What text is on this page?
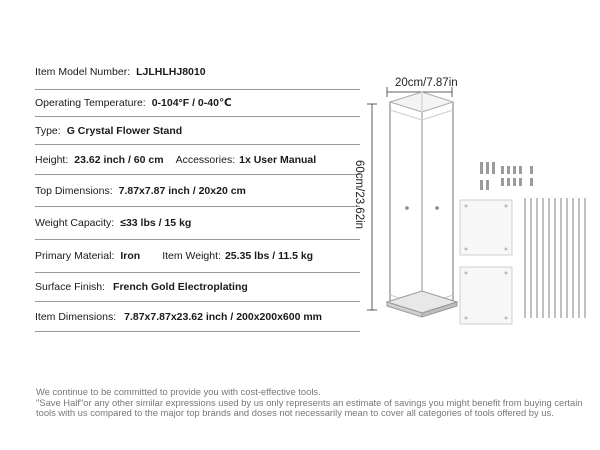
Item Model Number: LJLHLHJ8010
Operating Temperature: 0-104°F / 0-40℃
Type: G Crystal Flower Stand
Height: 23.62 inch / 60 cm Accessories: 1x User Manual
Top Dimensions: 7.87x7.87 inch / 20x20 cm
Weight Capacity: ≤33 lbs / 15 kg
Primary Material: Iron Item Weight: 25.35 lbs / 11.5 kg
Surface Finish: French Gold Electroplating
Item Dimensions: 7.87x7.87x23.62 inch / 200x200x600 mm
20cm/7.87in
60cm/23.62in

We continue to be committed to provide you with cost-effective tools.

"Save Half"or any other similar expressions used by us only represents an estimate of savings you might benefit from buying certain tools with us compared to the major top brands and doses not necessarily mean to cover all categories of tools offered by us.
